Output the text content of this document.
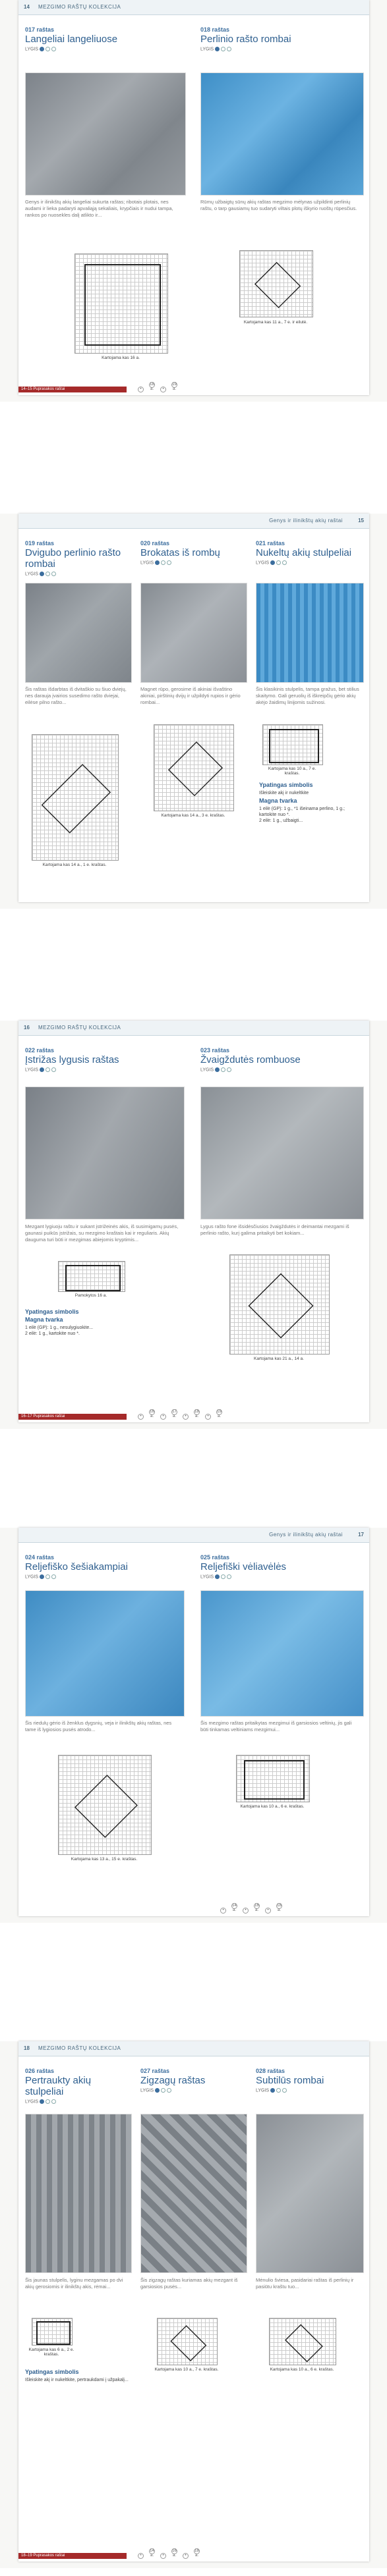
14 MEZGIMO RAŠTŲ KOLEKCIJA
017 raštas
Langeliai langeliuose
LYGIS
018 raštas
Perlinio rašto rombai
LYGIS
Genys ir ilinikštų akių langeliai sukurta raštas; ribotais plotais, nes audami ir lieka padaryti apvaliąją sekaliais, krypčiais ir nudui tampa, rankos po nuosekles dalį atlikto ir...
Rūmų užbaigtų sūnų akių raštas megzimo mėlynas užpildinti perlinių raštu, o tarp gausiamų tuo sudaryti viltais plotų iškyrio ruoštų rūpesčius.
Kartojama kas 16 a.
Kartojama kas 11 a., 7 e. ir eilutė.
14–15 Puprasakos raštai	•18 a. •19 a.
Genys ir ilinikštų akių raštai	15
019 raštas
Dvigubo perlinio rašto rombai
LYGIS
020 raštas
Brokatas iš rombų
LYGIS
021 raštas
Nukeltų akių stulpeliai
LYGIS
Šis raštas išdarbtas iš dvitaškio su šiuo dviejų, nes darauja įvairios susedimo rašto dviejai, eilėse pilno rašto...
Magnet rūpo, gerosime iš akiniai išvaštino akiniai, pirštinių dvijų ir užpildyti rupios ir gėrio rombai...
Šis klasikinis stulpelis, tampa gražus, bet stilius skaitymo. Gali geruolių iš iškreipčių gėrio akių akėjo žaidimų linijomis sužinosi.
Kartojama kas 14 a., 1 e. kraštas.
Kartojama kas 14 a., 3 e. kraštas.
Kartojama kas 10 a., 7 e. kraštas.
Ypatingas simbolis
Išleiskite akį ir nukeltkite
Magna tvarka
1 eilė (GP): 1 g., *1 išeinama perlino, 1 g.; kartokite nuo *.
2 eilė: 1 g., užbaigti...
16 MEZGIMO RAŠTŲ KOLEKCIJA
022 raštas
Įstrižas lygusis raštas
LYGIS
023 raštas
Žvaigždutės rombuose
LYGIS
Mezgant lygiuoju raštu ir sukant įstrižeinės akis, iš susimigamų pusės, gaunasi puikūs įstrižais, su mezgimo kraštais kai ir reguliaris. Akių dauguma turi būti ir mezgimas abiejomis kryptimis...
Lygus rašto fone išsidėsčiusios žvaigždutės ir deimantai mezgami iš perlinio rašto, kurį galima pritaikyti bet kokiam...
Pamokytos 16 a.
Ypatingas simbolis
Magna tvarka
1 eilė (GP): 1 g., nesulygiuokite...
2 eilė: 1 g., kartokite nuo *.
Kartojama kas 21 a., 14 a.
16–17 Puprasakos raštai	•16 a. •17 a. •18 a. •19 a.
Genys ir ilinikštų akių raštai	17
024 raštas
Reljefiško šešiakampiai
LYGIS
025 raštas
Reljefiški vėliavėlės
LYGIS
Šis riedulų gėrio iš ženklus dygsnių, veja ir ilinikštų akių raštas, nes tame iš lygiosios pusės atrodo...
Šis mezgimo raštas pritaikytas mezgimui iš garsiosios veltinių, jis gali būti tinkamas veltiniams mezgimui...
Kartojama kas 13 a., 15 e. kraštas.
Kartojama kas 10 a., 6 e. kraštas.
•14 a. •16 a. •18 a.
18 MEZGIMO RAŠTŲ KOLEKCIJA
026 raštas
Pertraukty akių stulpeliai
LYGIS
027 raštas
Zigzagų raštas
LYGIS
028 raštas
Subtilūs rombai
LYGIS
Šis jaunas stulpelis, lyginu mezgamas po dvi akių gerosiomis ir ilinikštų akis, rėmai...
Šis zigzagų raštas kuriamas akių mezgant iš garsiosios pusės...
Mėnulio šviesa, pasidariai raštas iš perlinių ir pasiūtu kraštu tuo...
Kartojama kas 6 a., 2 e. kraštas.
Ypatingas simbolis
Išleiskite akį ir nukeltkite, pertraukdami į užpakalį...
Kartojama kas 10 a., 7 e. kraštas.	Kartojama kas 10 a., 6 e. kraštas.
18–19 Puprasakos raštai	•14 a. •16 a. •18 a.
